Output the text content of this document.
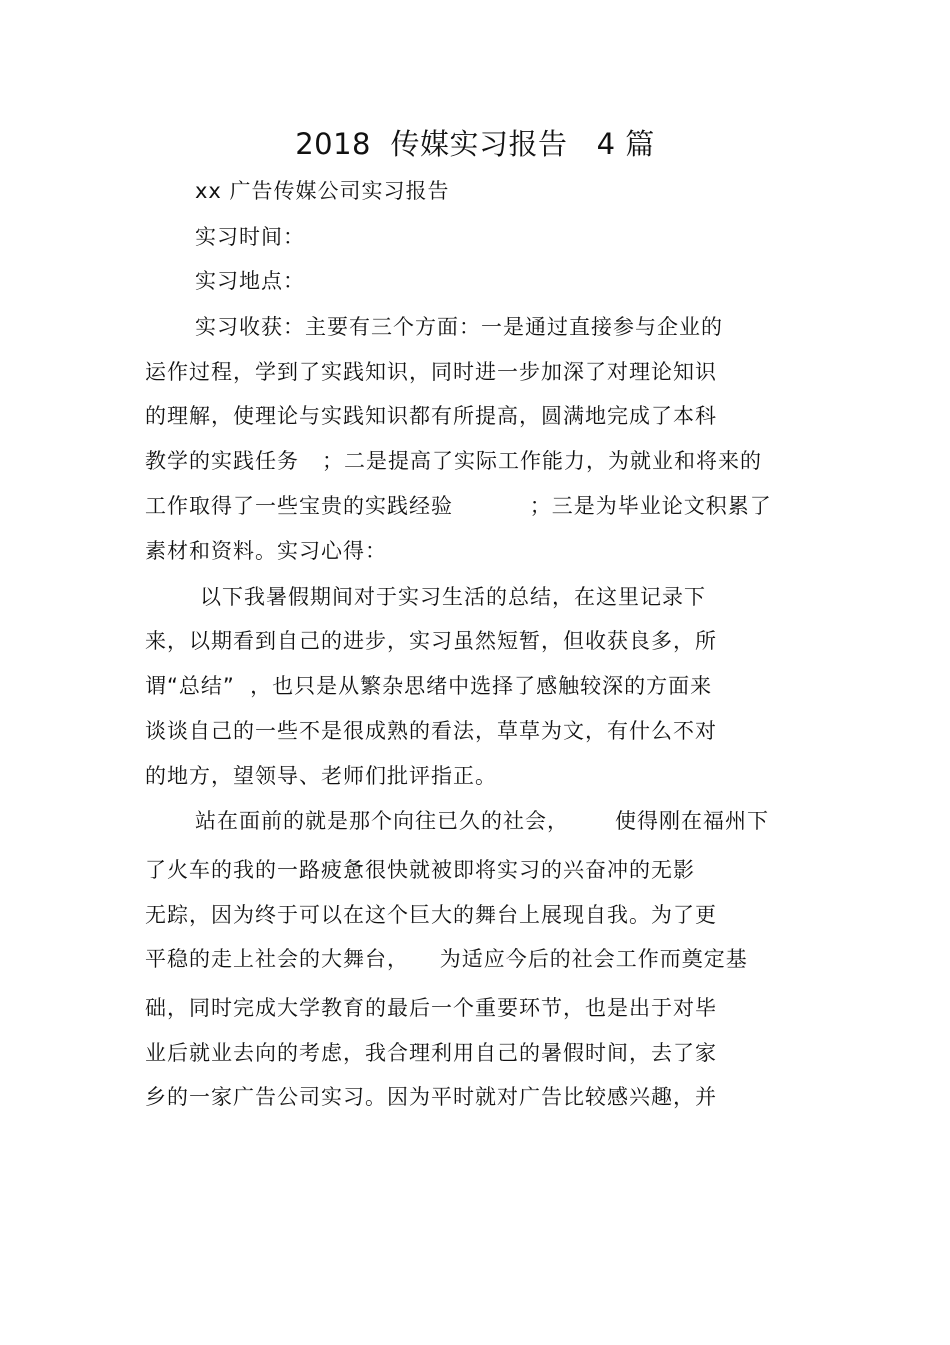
2018  传媒实习报告   4 篇
xx 广告传媒公司实习报告
实习时间：
实习地点：
实习收获：主要有三个方面：一是通过直接参与企业的
运作过程，学到了实践知识，同时进一步加深了对理论知识
的理解，使理论与实践知识都有所提高，圆满地完成了本科
教学的实践任务   ；二是提高了实际工作能力，为就业和将来的
工作取得了一些宝贵的实践经验          ；三是为毕业论文积累了
素材和资料。实习心得：
以下我暑假期间对于实习生活的总结，在这里记录下
来，以期看到自己的进步，实习虽然短暂，但收获良多，所
谓“总结”  ，也只是从繁杂思绪中选择了感触较深的方面来
谈谈自己的一些不是很成熟的看法，草草为文，有什么不对
的地方，望领导、老师们批评指正。
站在面前的就是那个向往已久的社会，      使得刚在福州下
了火车的我的一路疲惫很快就被即将实习的兴奋冲的无影
无踪，因为终于可以在这个巨大的舞台上展现自我。为了更
平稳的走上社会的大舞台，    为适应今后的社会工作而奠定基
础，同时完成大学教育的最后一个重要环节，也是出于对毕
业后就业去向的考虑，我合理利用自己的暑假时间，去了家
乡的一家广告公司实习。因为平时就对广告比较感兴趣，并
